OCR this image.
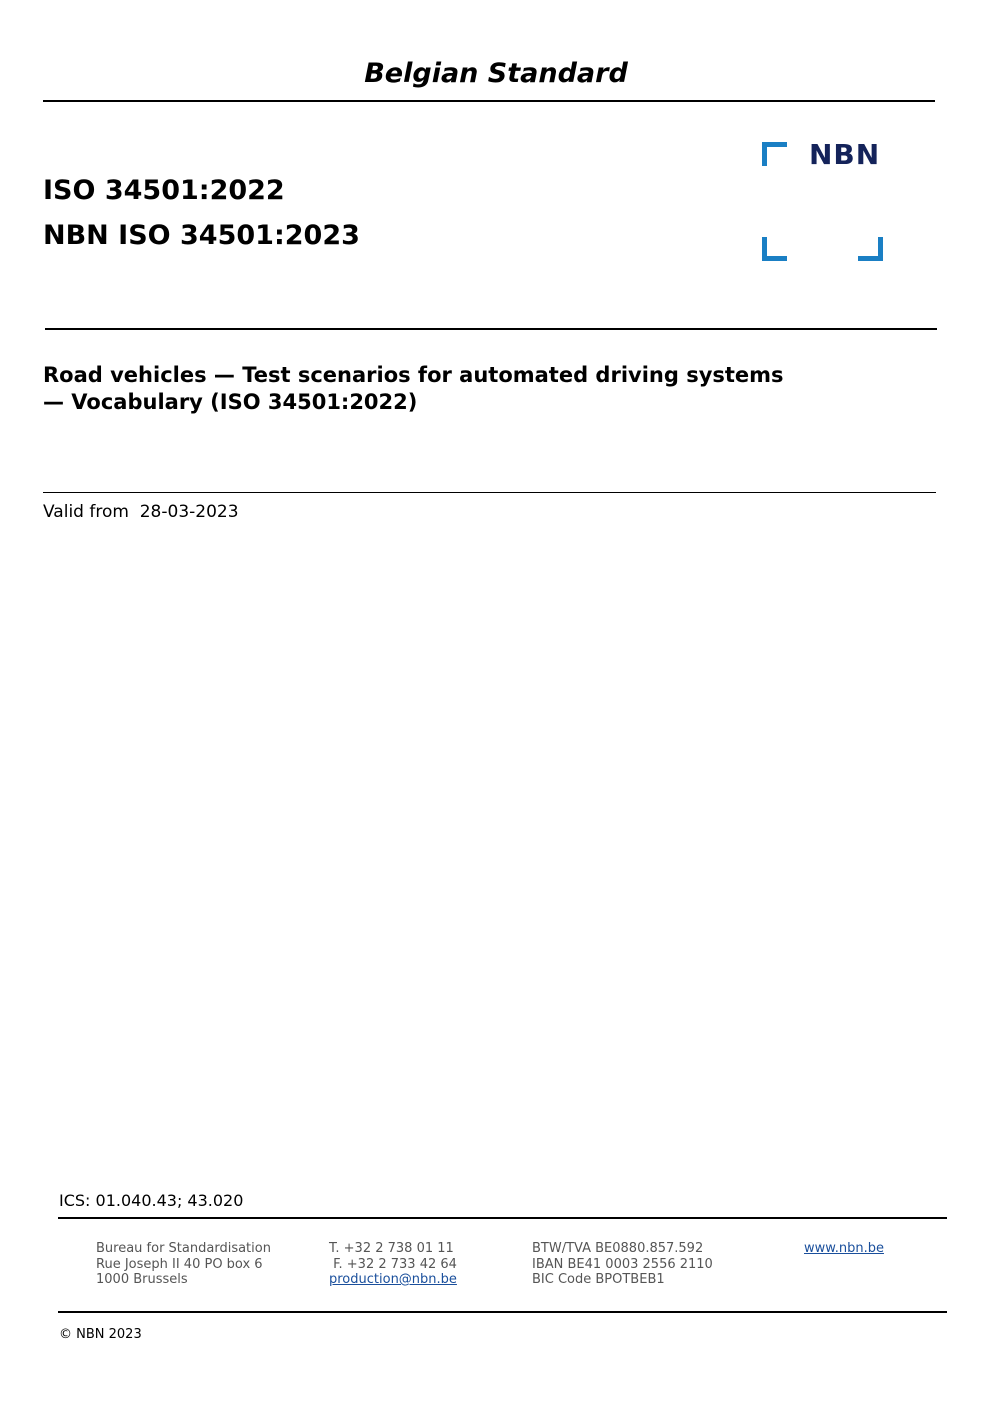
Belgian Standard
ISO 34501:2022
NBN ISO 34501:2023
NBN
Road vehicles — Test scenarios for automated driving systems
— Vocabulary (ISO 34501:2022)
Valid from  28-03-2023
ICS: 01.040.43; 43.020
Bureau for Standardisation
Rue Joseph II 40 PO box 6
1000 Brussels
T. +32 2 738 01 11
F. +32 2 733 42 64
production@nbn.be
BTW/TVA BE0880.857.592
IBAN BE41 0003 2556 2110
BIC Code BPOTBEB1
www.nbn.be
© NBN 2023
